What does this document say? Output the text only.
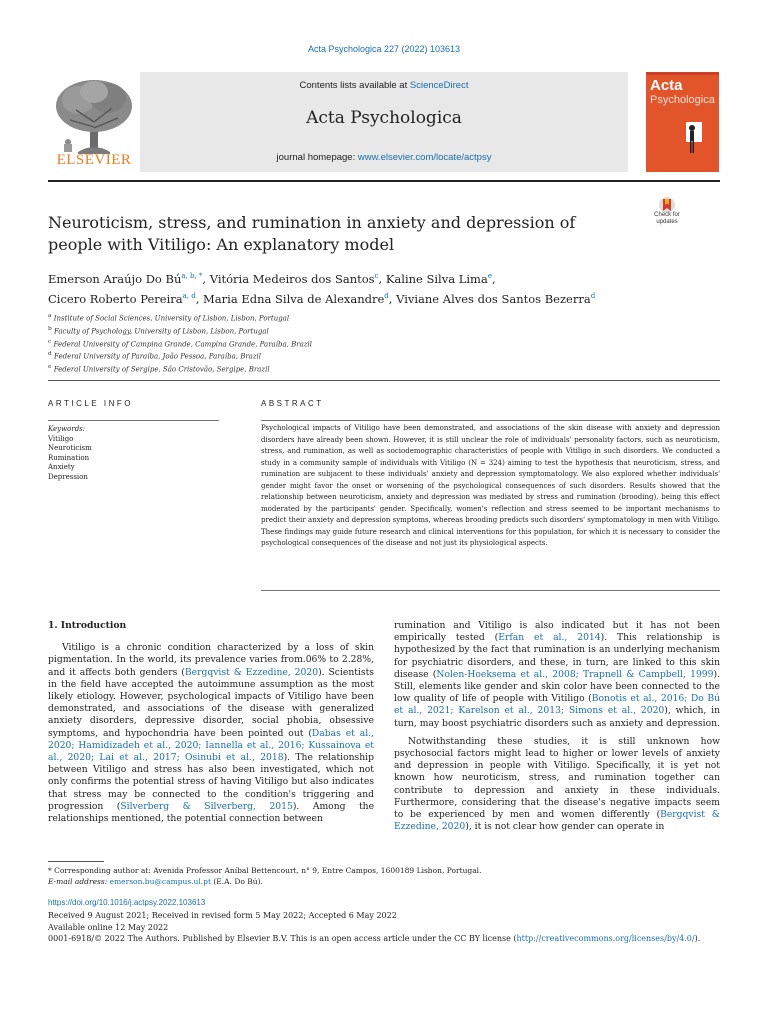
Acta Psychologica 227 (2022) 103613
ELSEVIER
Contents lists available at ScienceDirect
Acta Psychologica
journal homepage: www.elsevier.com/locate/actpsy
Acta
Psychologica
Neuroticism, stress, and rumination in anxiety and depression of people with Vitiligo: An explanatory model
Check for updates
Emerson Araújo Do $Bú^{a, b, *}$, Vitória Medeiros dos Santos$^c$, Kaline Silva Lima$^e$,
Cicero Roberto Pereira$^{a, d}$, Maria Edna Silva de Alexandre$^d$, Viviane Alves dos Santos Bezerra$^d$
$^a$ Institute of Social Sciences, University of Lisbon, Lisbon, Portugal
$^b$ Faculty of Psychology, University of Lisbon, Lisbon, Portugal
$^c$ Federal University of Campina Grande, Campina Grande, Paraíba, Brazil
$^d$ Federal University of Paraíba, João Pessoa, Paraíba, Brazil
$^e$ Federal University of Sergipe, São Cristovão, Sergipe, Brazil
ARTICLE INFO	ABSTRACT
Keywords:
Vitiligo
Neuroticism
Rumination
Anxiety
Depression
Psychological impacts of Vitiligo have been demonstrated, and associations of the skin disease with anxiety and depression disorders have already been shown. However, it is still unclear the role of individuals' personality factors, such as neuroticism, stress, and rumination, as well as sociodemographic characteristics of people with Vitiligo in such disorders. We conducted a study in a community sample of individuals with Vitiligo (N = 324) aiming to test the hypothesis that neuroticism, stress, and rumination are subjacent to these individuals' anxiety and depression symptomatology. We also explored whether individuals' gender might favor the onset or worsening of the psychological consequences of such disorders. Results showed that the relationship between neuroticism, anxiety and depression was mediated by stress and rumination (brooding), being this effect moderated by the participants' gender. Specifically, women's reflection and stress seemed to be important mechanisms to predict their anxiety and depression symptoms, whereas brooding predicts such disorders' symptomatology in men with Vitiligo. These findings may guide future research and clinical interventions for this population, for which it is necessary to consider the psychological consequences of the disease and not just its physiological aspects.
1. Introduction

Vitiligo is a chronic condition characterized by a loss of skin pigmentation. In the world, its prevalence varies from.06% to 2.28%, and it affects both genders (Bergqvist & Ezzedine, 2020). Scientists in the field have accepted the autoimmune assumption as the most likely etiology. However, psychological impacts of Vitiligo have been demonstrated, and associations of the disease with generalized anxiety disorders, depressive disorder, social phobia, obsessive symptoms, and hypochondria have been pointed out (Dabas et al., 2020; Hamidizadeh et al., 2020; Iannella et al., 2016; Kussainova et al., 2020; Lai et al., 2017; Osinubi et al., 2018). The relationship between Vitiligo and stress has also been investigated, which not only confirms the potential stress of having Vitiligo but also indicates that stress may be connected to the condition's triggering and progression (Silverberg & Silverberg, 2015). Among the relationships mentioned, the potential connection between

rumination and Vitiligo is also indicated but it has not been empirically tested (Erfan et al., 2014). This relationship is hypothesized by the fact that rumination is an underlying mechanism for psychiatric disorders, and these, in turn, are linked to this skin disease (Nolen-Hoeksema et al., 2008; Trapnell & Campbell, 1999). Still, elements like gender and skin color have been connected to the low quality of life of people with Vitiligo (Bonotis et al., 2016; Do Bú et al., 2021; Karelson et al., 2013; Simons et al., 2020), which, in turn, may boost psychiatric disorders such as anxiety and depression.

Notwithstanding these studies, it is still unknown how psychosocial factors might lead to higher or lower levels of anxiety and depression in people with Vitiligo. Specifically, it is yet not known how neuroticism, stress, and rumination together can contribute to depression and anxiety in these individuals. Furthermore, considering that the disease's negative impacts seem to be experienced by men and women differently (Bergqvist & Ezzedine, 2020), it is not clear how gender can operate in

* Corresponding author at: Avenida Professor Aníbal Bettencourt, n° 9, Entre Campos, 1600189 Lisbon, Portugal.
E-mail address: emerson.bu@campus.ul.pt (E.A. Do Bú).
https://doi.org/10.1016/j.actpsy.2022.103613
Received 9 August 2021; Received in revised form 5 May 2022; Accepted 6 May 2022
Available online 12 May 2022
0001-6918/© 2022 The Authors. Published by Elsevier B.V. This is an open access article under the CC BY license (http://creativecommons.org/licenses/by/4.0/).
